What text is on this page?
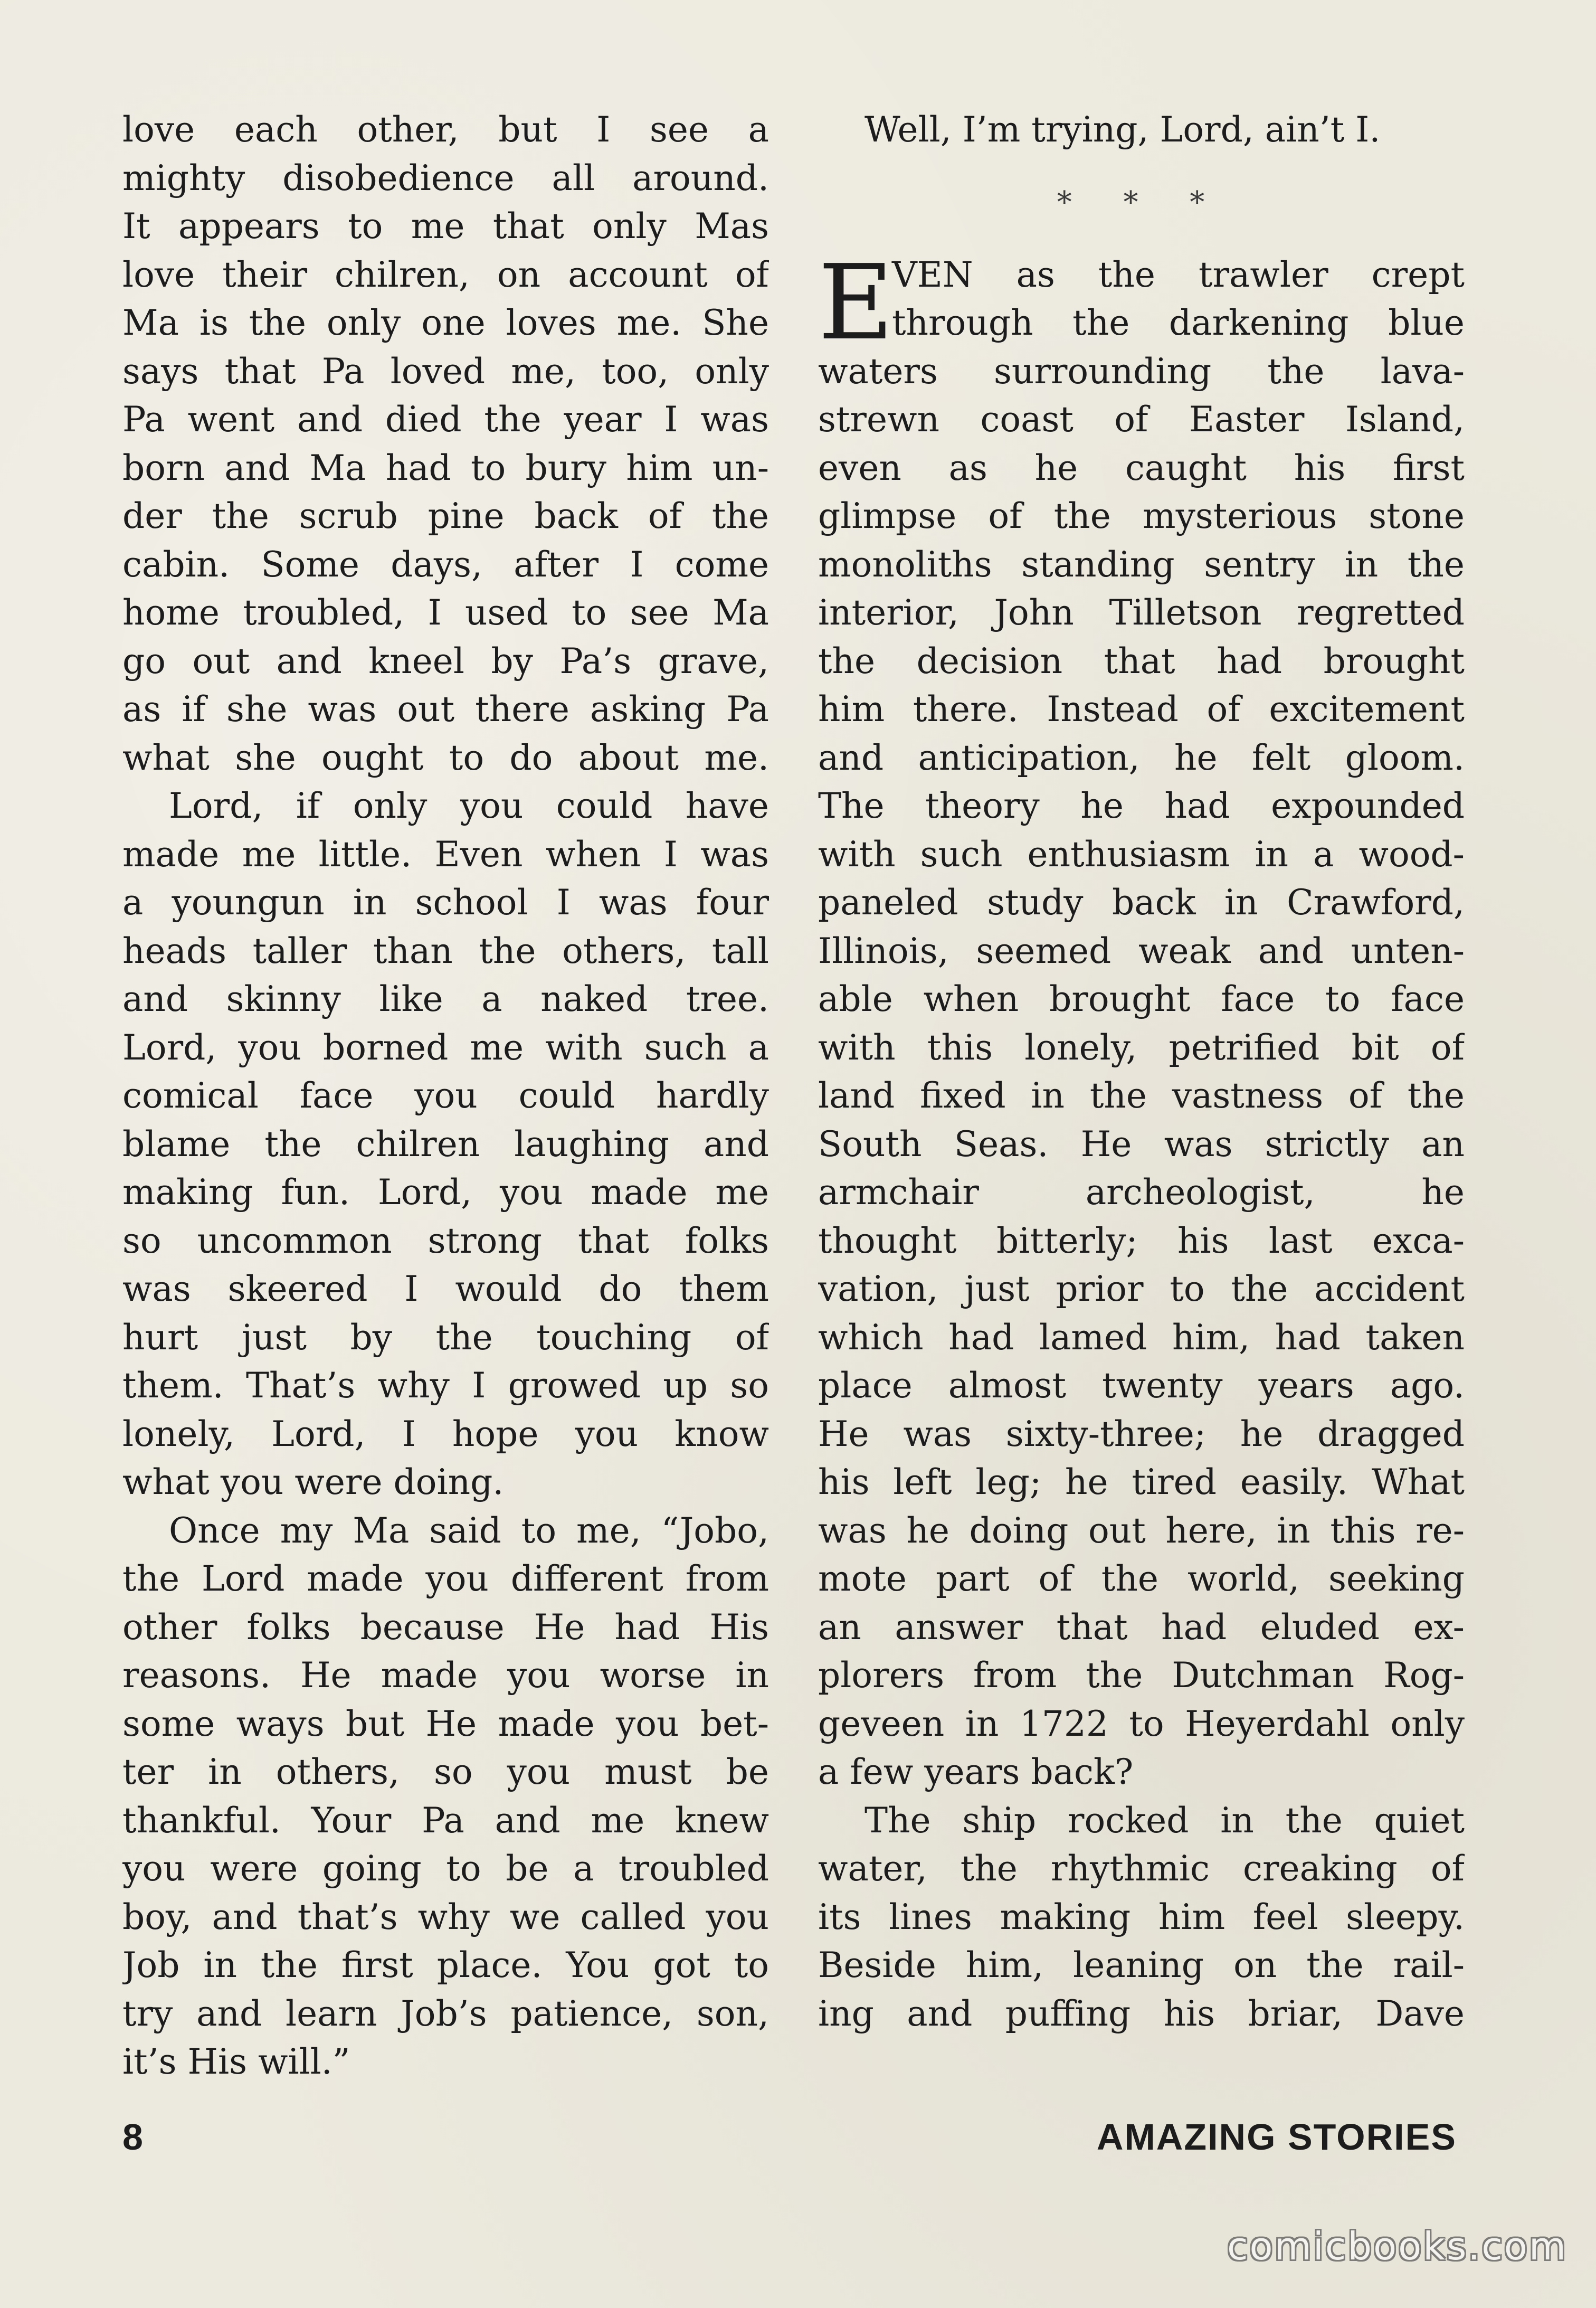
love each other, but I see a
mighty disobedience all around.
It appears to me that only Mas
love their chilren, on account of
Ma is the only one loves me. She
says that Pa loved me, too, only
Pa went and died the year I was
born and Ma had to bury him un-
der the scrub pine back of the
cabin. Some days, after I come
home troubled, I used to see Ma
go out and kneel by Pa’s grave,
as if she was out there asking Pa
what she ought to do about me.
Lord, if only you could have
made me little. Even when I was
a youngun in school I was four
heads taller than the others, tall
and skinny like a naked tree.
Lord, you borned me with such a
comical face you could hardly
blame the chilren laughing and
making fun. Lord, you made me
so uncommon strong that folks
was skeered I would do them
hurt just by the touching of
them. That’s why I growed up so
lonely, Lord, I hope you know
what you were doing.
Once my Ma said to me, “Jobo,
the Lord made you different from
other folks because He had His
reasons. He made you worse in
some ways but He made you bet-
ter in others, so you must be
thankful. Your Pa and me knew
you were going to be a troubled
boy, and that’s why we called you
Job in the first place. You got to
try and learn Job’s patience, son,
it’s His will.”
Well, I’m trying, Lord, ain’t I.
* * *
E
VEN as the trawler crept
through the darkening blue
waters surrounding the lava-
strewn coast of Easter Island,
even as he caught his first
glimpse of the mysterious stone
monoliths standing sentry in the
interior, John Tilletson regretted
the decision that had brought
him there. Instead of excitement
and anticipation, he felt gloom.
The theory he had expounded
with such enthusiasm in a wood-
paneled study back in Crawford,
Illinois, seemed weak and unten-
able when brought face to face
with this lonely, petrified bit of
land fixed in the vastness of the
South Seas. He was strictly an
armchair archeologist, he
thought bitterly; his last exca-
vation, just prior to the accident
which had lamed him, had taken
place almost twenty years ago.
He was sixty-three; he dragged
his left leg; he tired easily. What
was he doing out here, in this re-
mote part of the world, seeking
an answer that had eluded ex-
plorers from the Dutchman Rog-
geveen in 1722 to Heyerdahl only
a few years back?
The ship rocked in the quiet
water, the rhythmic creaking of
its lines making him feel sleepy.
Beside him, leaning on the rail-
ing and puffing his briar, Dave
8	AMAZING STORIES
comicbooks.com
